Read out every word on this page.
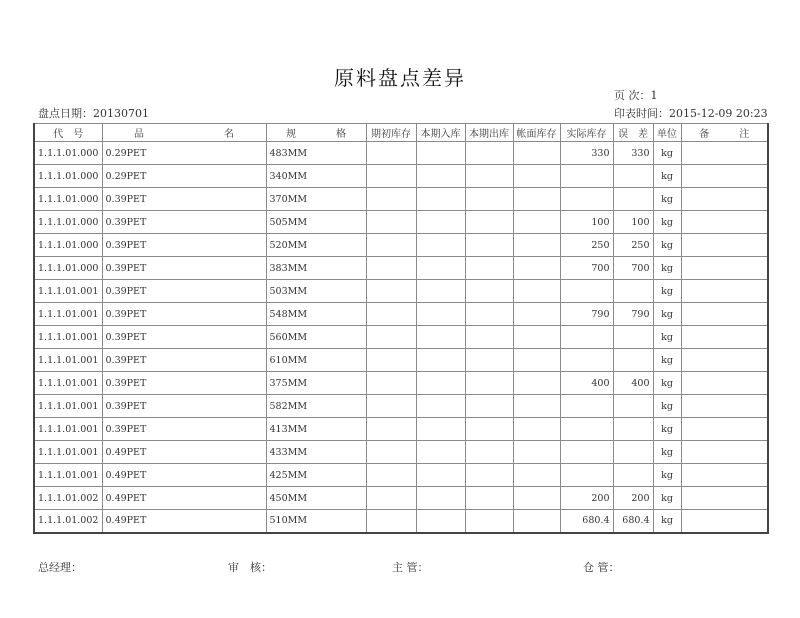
原料盘点差异
页 次：1
盘点日期：20130701	印表时间：2015-12-09 20:23
代　号	品　　　　　　　　名	规　　　　格	期初库存	本期入库	本期出库	帐面库存	实际库存	误　差	单位	备　　　注
1.1.1.01.000	0.29PET	483MM					330	330	kg	
1.1.1.01.000	0.29PET	340MM							kg	
1.1.1.01.000	0.39PET	370MM							kg	
1.1.1.01.000	0.39PET	505MM					100	100	kg	
1.1.1.01.000	0.39PET	520MM					250	250	kg	
1.1.1.01.000	0.39PET	383MM					700	700	kg	
1.1.1.01.001	0.39PET	503MM							kg	
1.1.1.01.001	0.39PET	548MM					790	790	kg	
1.1.1.01.001	0.39PET	560MM							kg	
1.1.1.01.001	0.39PET	610MM							kg	
1.1.1.01.001	0.39PET	375MM					400	400	kg	
1.1.1.01.001	0.39PET	582MM							kg	
1.1.1.01.001	0.39PET	413MM							kg	
1.1.1.01.001	0.49PET	433MM							kg	
1.1.1.01.001	0.49PET	425MM							kg	
1.1.1.01.002	0.49PET	450MM					200	200	kg	
1.1.1.01.002	0.49PET	510MM					680.4	680.4	kg	
总经理：	审　核：	主 管：	仓 管：
